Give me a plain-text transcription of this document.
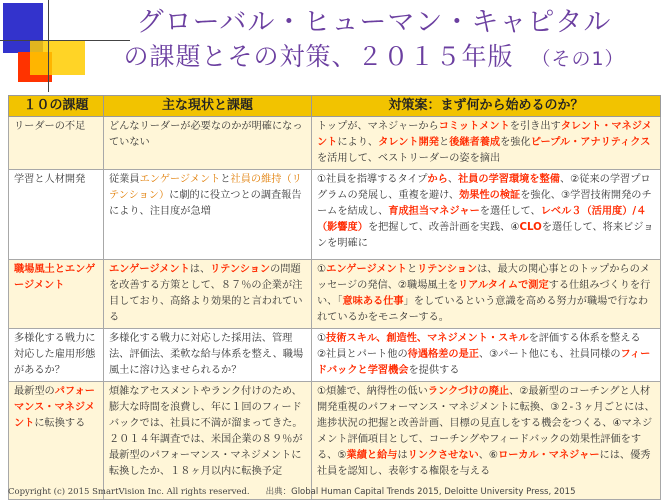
グローバル・ヒューマン・キャピタル
の課題とその対策、２０１５年版 （その1）
１０の課題	主な現状と課題	対策案：まず何から始めるのか？
リーダーの不足	どんなリーダーが必要なのかが明確になっていない	トップが、マネジャーからコミットメントを引き出すタレント・マネジメントにより、タレント開発と後継者養成を強化ピープル・アナリティクスを活用して、ベストリーダーの姿を摘出
学習と人材開発	従業員エンゲージメントと社員の維持（リテンション）に劇的に役立つとの調査報告により、注目度が急増	①社員を指導するタイプから、社員の学習環境を整備、②従来の学習プログラムの発展し、重複を避け、効果性の検証を強化、③学習技術開発のチームを結成し、育成担当マネジャーを選任して、レベル３（活用度）/４（影響度）を把握して、改善計画を実践、④CLOを選任して、将来ビジョンを明確に
職場風土とエンゲージメント	エンゲージメントは、リテンションの問題を改善する方策として、８７％の企業が注目しており、高絡より効果的と言われている	①エンゲージメントとリテンションは、最大の関心事とのトップからのメッセージの発信、②職場風土をリアルタイムで測定する仕組みづくりを行い、「意味ある仕事」をしているという意識を高める努力が職場で行なわれているかをモニターする。
多様化する戦力に対応した雇用形態があるか？	多様化する戦力に対応した採用法、管理法、評価法、柔軟な給与体系を整え、職場風土に溶け込ませられるか？	①技術スキル、創造性、マネジメント・スキルを評価する体系を整える　②社員とパート他の待遇格差の是正、③パート他にも、社員同様のフィードバックと学習機会を提供する
最新型のパフォーマンス・マネジメントに転換する	煩雑なアセスメントやランク付けのため、膨大な時間を浪費し、年に１回のフィードバックでは、社員に不満が溜まってきた。２０１４年調査では、米国企業の８９％が最新型のパフォーマンス・マネジメントに転換したか、１８ヶ月以内に転換予定	①煩雑で、納得性の低いランクづけの廃止、②最新型のコーチングと人材開発重視のパフォーマンス・マネジメントに転換、③２-３ヶ月ごとには、進捗状況の把握と改善計画、目標の見直しをする機会をつくる、④マネジメント評価項目として、コーチングやフィードバックの効果性評価をする、⑤業績と給与はリンクさせない、⑥ローカル・マネジャーには、優秀社員を認知し、表彰する権限を与える
Copyright (c) 2015 SmartVision Inc. All rights reserved. 出典：Global Human Capital Trends 2015, Deloitte University Press, 2015
